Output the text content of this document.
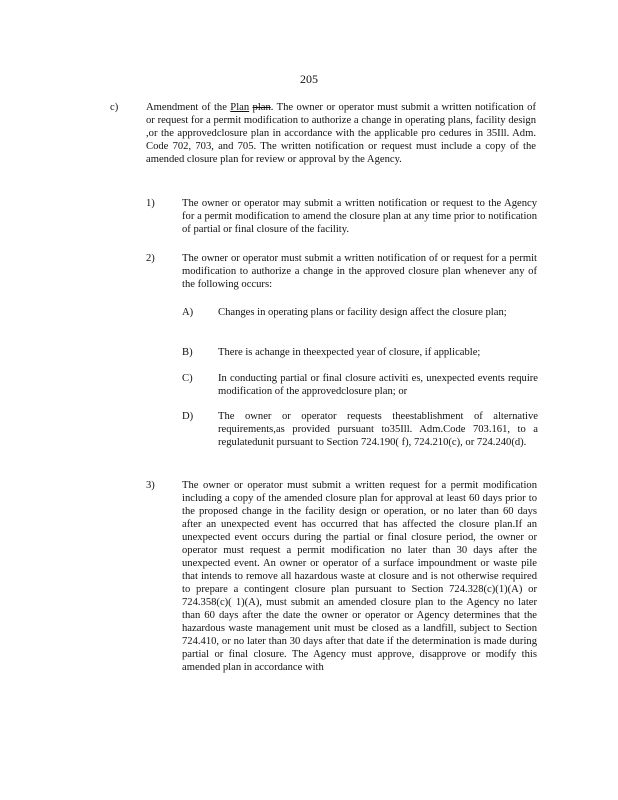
205
c)	Amendment of the Plan plan. The owner or operator must submit a written notification of or request for a permit modification to authorize a change in operating plans, facility design ,or the approvedclosure plan in accordance with the applicable pro cedures in 35Ill. Adm. Code 702, 703, and 705. The written notification or request must include a copy of the amended closure plan for review or approval by the Agency.
1)	The owner or operator may submit a written notification or request to the Agency for a permit modification to amend the closure plan at any time prior to notification of partial or final closure of the facility.
2)	The owner or operator must submit a written notification of or request for a permit modification to authorize a change in the approved closure plan whenever any of the following occurs:
A) Changes in operating plans or facility design affect the closure plan;
B) There is achange in theexpected year of closure, if applicable;
C) In conducting partial or final closure activiti es, unexpected events require modification of the approvedclosure plan; or
D) The owner or operator requests theestablishment of alternative requirements,as provided pursuant to35Ill. Adm.Code 703.161, to a regulatedunit pursuant to Section 724.190( f), 724.210(c), or 724.240(d).
3)	The owner or operator must submit a written request for a permit modification including a copy of the amended closure plan for approval at least 60 days prior to the proposed change in the facility design or operation, or no later than 60 days after an unexpected event has occurred that has affected the closure plan.If an unexpected event occurs during the partial or final closure period, the owner or operator must request a permit modification no later than 30 days after the unexpected event. An owner or operator of a surface impoundment or waste pile that intends to remove all hazardous waste at closure and is not otherwise required to prepare a contingent closure plan pursuant to Section 724.328(c)(1)(A) or 724.358(c)( 1)(A), must submit an amended closure plan to the Agency no later than 60 days after the date the owner or operator or Agency determines that the hazardous waste management unit must be closed as a landfill, subject to Section 724.410, or no later than 30 days after that date if the determination is made during partial or final closure. The Agency must approve, disapprove or modify this amended plan in accordance with
